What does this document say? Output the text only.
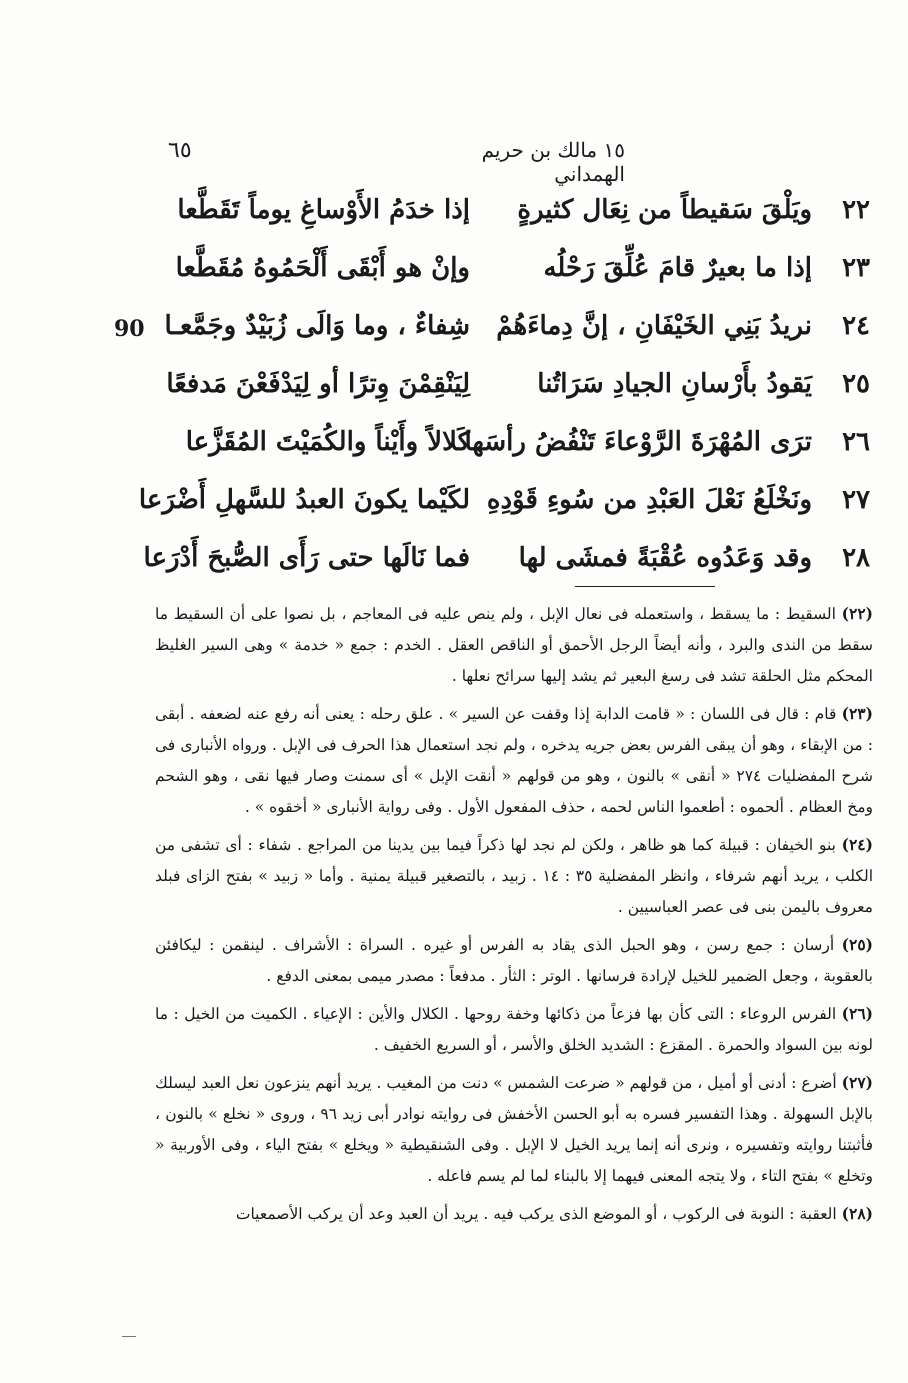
٦٥	١٥ مالك بن حريم الهمداني
90
٢٢
ويَلْقَ سَقيطاً من نِعَال كثيرةٍ
إذا خدَمُ الأَوْساغِ يوماً تَقَطَّعا
٢٣
إذا ما بعيرٌ قامَ عُلِّقَ رَحْلُه
وإنْ هو أَبْقَى أَلْحَمُوهُ مُقَطَّعا
٢٤
نريدُ بَنِي الخَيْفَانِ ، إنَّ دِماءَهُمْ
شِفاءٌ ، وما وَالَى زُبَيْدٌ وجَمَّعـا
٢٥
يَقودُ بأَرْسانِ الجيادِ سَرَاتُنا
لِيَنْقِمْنَ وِترًا أو لِيَدْفَعْنَ مَدفعًا
٢٦
ترَى المُهْرَةَ الرَّوْعاءَ تَنْفُضُ رأسَها
كَلالاً وأَيْناً والكُمَيْتَ المُقَزَّعا
٢٧
ونَخْلَعُ نَعْلَ العَبْدِ من سُوءِ قَوْدِهِ
لكَيْما يكونَ العبدُ للسَّهلِ أَضْرَعا
٢٨
وقد وَعَدُوه عُقْبَةً فمشَى لها
فما نَالَها حتى رَأَى الصُّبحَ أَدْرَعا

(٢٢) السقيط : ما يسقط ، واستعمله فى نعال الإبل ، ولم ينص عليه فى المعاجم ، بل نصوا على أن السقيط ما سقط من الندى والبرد ، وأنه أيضاً الرجل الأحمق أو الناقص العقل . الخدم : جمع « خدمة » وهى السير الغليظ المحكم مثل الحلقة تشد فى رسغ البعير ثم يشد إليها سرائح نعلها .

(٢٣) قام : قال فى اللسان : « قامت الدابة إذا وقفت عن السير » . علق رحله : يعنى أنه رفع عنه لضعفه . أبقى : من الإبقاء ، وهو أن يبقى الفرس بعض جريه يدخره ، ولم نجد استعمال هذا الحرف فى الإبل . ورواه الأنبارى فى شرح المفضليات ٢٧٤ « أنقى » بالنون ، وهو من قولهم « أنقت الإبل » أى سمنت وصار فيها نقى ، وهو الشحم ومخ العظام . ألحموه : أطعموا الناس لحمه ، حذف المفعول الأول . وفى رواية الأنبارى « أخقوه » .

(٢٤) بنو الخيفان : قبيلة كما هو ظاهر ، ولكن لم نجد لها ذكراً فيما بين يدينا من المراجع . شفاء : أى تشفى من الكلب ، يريد أنهم شرفاء ، وانظر المفضلية ٣٥ : ١٤ . زبيد ، بالتصغير قبيلة يمنية . وأما « زبيد » بفتح الزاى فبلد معروف باليمن بنى فى عصر العباسيين .

(٢٥) أرسان : جمع رسن ، وهو الحبل الذى يقاد به الفرس أو غيره . السراة : الأشراف . لينقمن : ليكافئن بالعقوبة ، وجعل الضمير للخيل لإرادة فرسانها . الوتر : الثأر . مدفعاً : مصدر ميمى بمعنى الدفع .

(٢٦) الفرس الروعاء : التى كأن بها فزعاً من ذكائها وخفة روحها . الكلال والأين : الإعياء . الكميت من الخيل : ما لونه بين السواد والحمرة . المقزع : الشديد الخلق والأسر ، أو السريع الخفيف .

(٢٧) أضرع : أدنى أو أميل ، من قولهم « ضرعت الشمس » دنت من المغيب . يريد أنهم ينزعون نعل العبد ليسلك بالإبل السهولة . وهذا التفسير فسره به أبو الحسن الأخفش فى روايته نوادر أبى زيد ٩٦ ، وروى « نخلع » بالنون ، فأثبتنا روايته وتفسيره ، ونرى أنه إنما يريد الخيل لا الإبل . وفى الشنقيطية « ويخلع » بفتح الياء ، وفى الأوربية « وتخلع » بفتح التاء ، ولا يتجه المعنى فيهما إلا بالبناء لما لم يسم فاعله .

(٢٨) العقبة : النوبة فى الركوب ، أو الموضع الذى يركب فيه . يريد أن العبد وعد أن يركب الأصمعيات
